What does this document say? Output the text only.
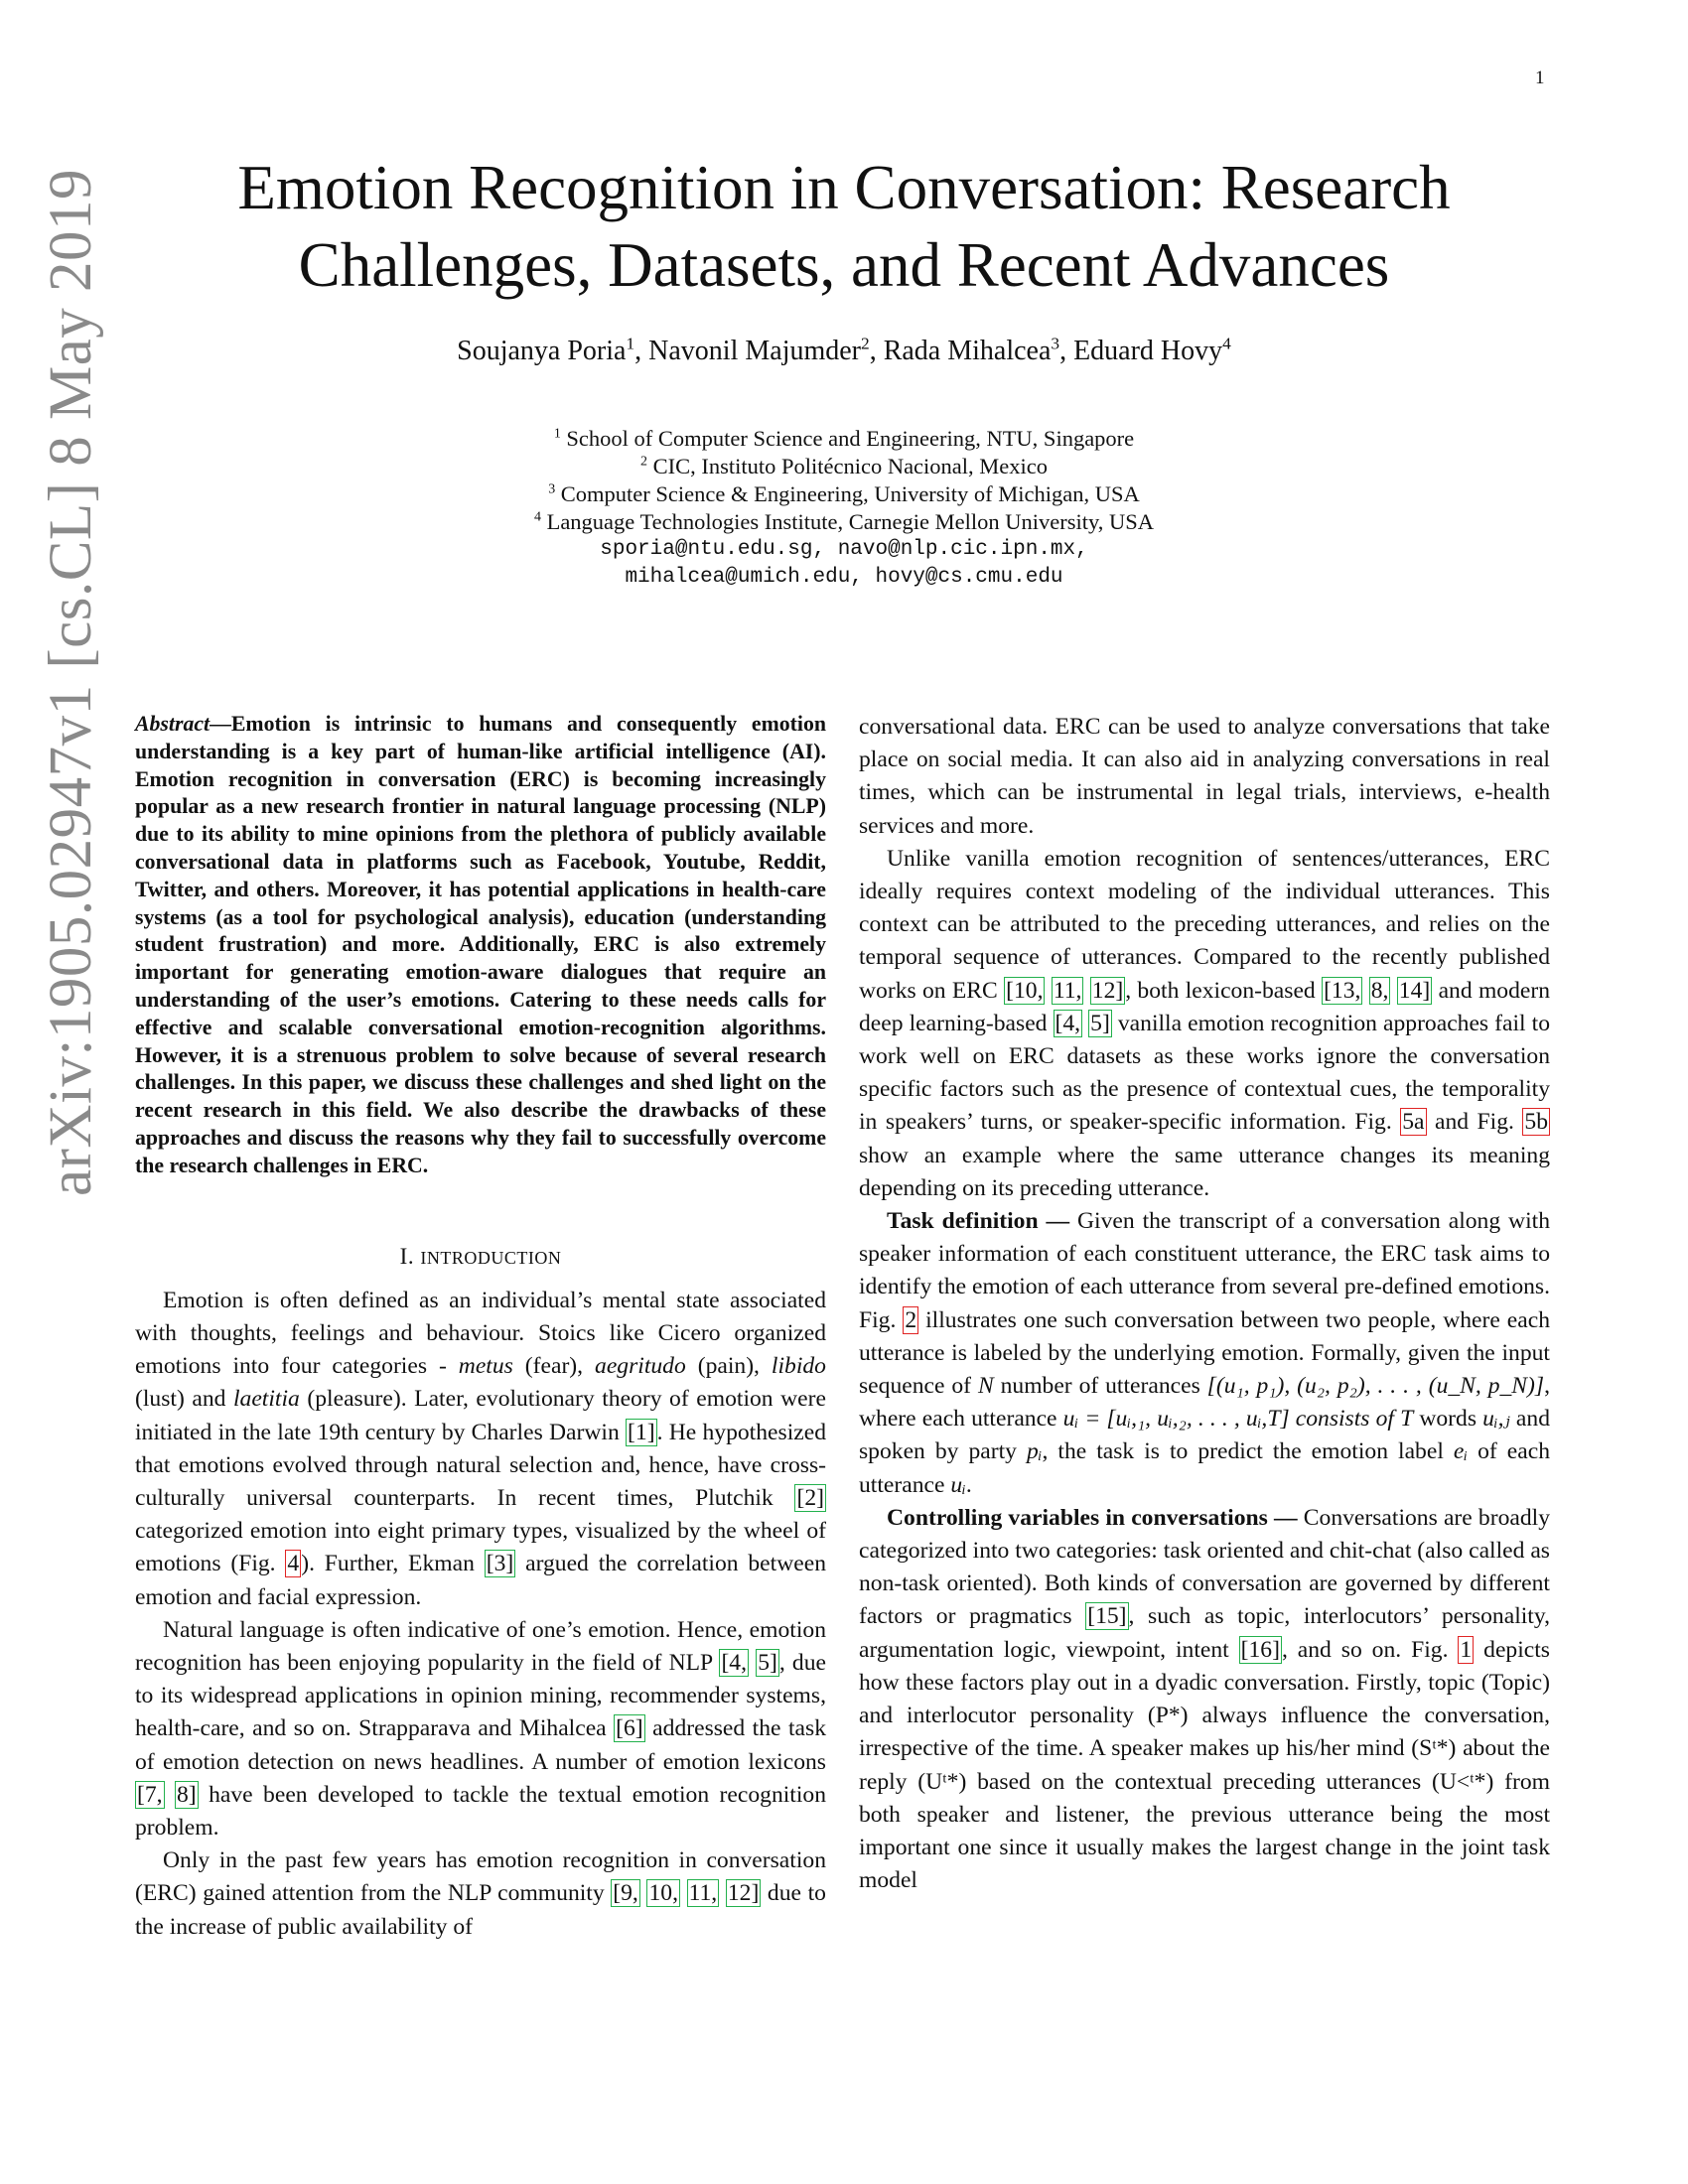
1
arXiv:1905.02947v1 [cs.CL] 8 May 2019	Emotion Recognition in Conversation: Research Challenges, Datasets, and Recent Advances
Soujanya Poria$^1$, Navonil Majumder$^2$, Rada Mihalcea$^3$, Eduard Hovy$^4$
$^1$ School of Computer Science and Engineering, NTU, Singapore
$^2$ CIC, Instituto Politécnico Nacional, Mexico
$^3$ Computer Science & Engineering, University of Michigan, USA
$^4$ Language Technologies Institute, Carnegie Mellon University, USA
sporia@ntu.edu.sg, navo@nlp.cic.ipn.mx,
mihalcea@umich.edu, hovy@cs.cmu.edu

Abstract—Emotion is intrinsic to humans and consequently emotion understanding is a key part of human-like artificial intelligence (AI). Emotion recognition in conversation (ERC) is becoming increasingly popular as a new research frontier in natural language processing (NLP) due to its ability to mine opinions from the plethora of publicly available conversational data in platforms such as Facebook, Youtube, Reddit, Twitter, and others. Moreover, it has potential applications in health-care systems (as a tool for psychological analysis), education (understanding student frustration) and more. Additionally, ERC is also extremely important for generating emotion-aware dialogues that require an understanding of the user’s emotions. Catering to these needs calls for effective and scalable conversational emotion-recognition algorithms. However, it is a strenuous problem to solve because of several research challenges. In this paper, we discuss these challenges and shed light on the recent research in this field. We also describe the drawbacks of these approaches and discuss the reasons why they fail to successfully overcome the research challenges in ERC.

I. INTRODUCTION

Emotion is often defined as an individual’s mental state associated with thoughts, feelings and behaviour. Stoics like Cicero organized emotions into four categories - metus (fear), aegritudo (pain), libido (lust) and laetitia (pleasure). Later, evolutionary theory of emotion were initiated in the late 19th century by Charles Darwin [1]. He hypothesized that emotions evolved through natural selection and, hence, have cross-culturally universal counterparts. In recent times, Plutchik [2] categorized emotion into eight primary types, visualized by the wheel of emotions (Fig. 4). Further, Ekman [3] argued the correlation between emotion and facial expression.

Natural language is often indicative of one’s emotion. Hence, emotion recognition has been enjoying popularity in the field of NLP [4, 5], due to its widespread applications in opinion mining, recommender systems, health-care, and so on. Strapparava and Mihalcea [6] addressed the task of emotion detection on news headlines. A number of emotion lexicons [7, 8] have been developed to tackle the textual emotion recognition problem.

Only in the past few years has emotion recognition in conversation (ERC) gained attention from the NLP community [9, 10, 11, 12] due to the increase of public availability of

conversational data. ERC can be used to analyze conversations that take place on social media. It can also aid in analyzing conversations in real times, which can be instrumental in legal trials, interviews, e-health services and more.

Unlike vanilla emotion recognition of sentences/utterances, ERC ideally requires context modeling of the individual utterances. This context can be attributed to the preceding utterances, and relies on the temporal sequence of utterances. Compared to the recently published works on ERC [10, 11, 12], both lexicon-based [13, 8, 14] and modern deep learning-based [4, 5] vanilla emotion recognition approaches fail to work well on ERC datasets as these works ignore the conversation specific factors such as the presence of contextual cues, the temporality in speakers’ turns, or speaker-specific information. Fig. 5a and Fig. 5b show an example where the same utterance changes its meaning depending on its preceding utterance.

Task definition — Given the transcript of a conversation along with speaker information of each constituent utterance, the ERC task aims to identify the emotion of each utterance from several pre-defined emotions. Fig. 2 illustrates one such conversation between two people, where each utterance is labeled by the underlying emotion. Formally, given the input sequence of N number of utterances [(u₁, p₁), (u₂, p₂), . . . , (u_N, p_N)], where each utterance uᵢ = [uᵢ,₁, uᵢ,₂, . . . , uᵢ,T] consists of T words uᵢ,ⱼ and spoken by party pᵢ, the task is to predict the emotion label eᵢ of each utterance uᵢ.

Controlling variables in conversations — Conversations are broadly categorized into two categories: task oriented and chit-chat (also called as non-task oriented). Both kinds of conversation are governed by different factors or pragmatics [15], such as topic, interlocutors’ personality, argumentation logic, viewpoint, intent [16], and so on. Fig. 1 depicts how these factors play out in a dyadic conversation. Firstly, topic (Topic) and interlocutor personality (P*) always influence the conversation, irrespective of the time. A speaker makes up his/her mind (Sᵗ*) about the reply (Uᵗ*) based on the contextual preceding utterances (U<ᵗ*) from both speaker and listener, the previous utterance being the most important one since it usually makes the largest change in the joint task model
